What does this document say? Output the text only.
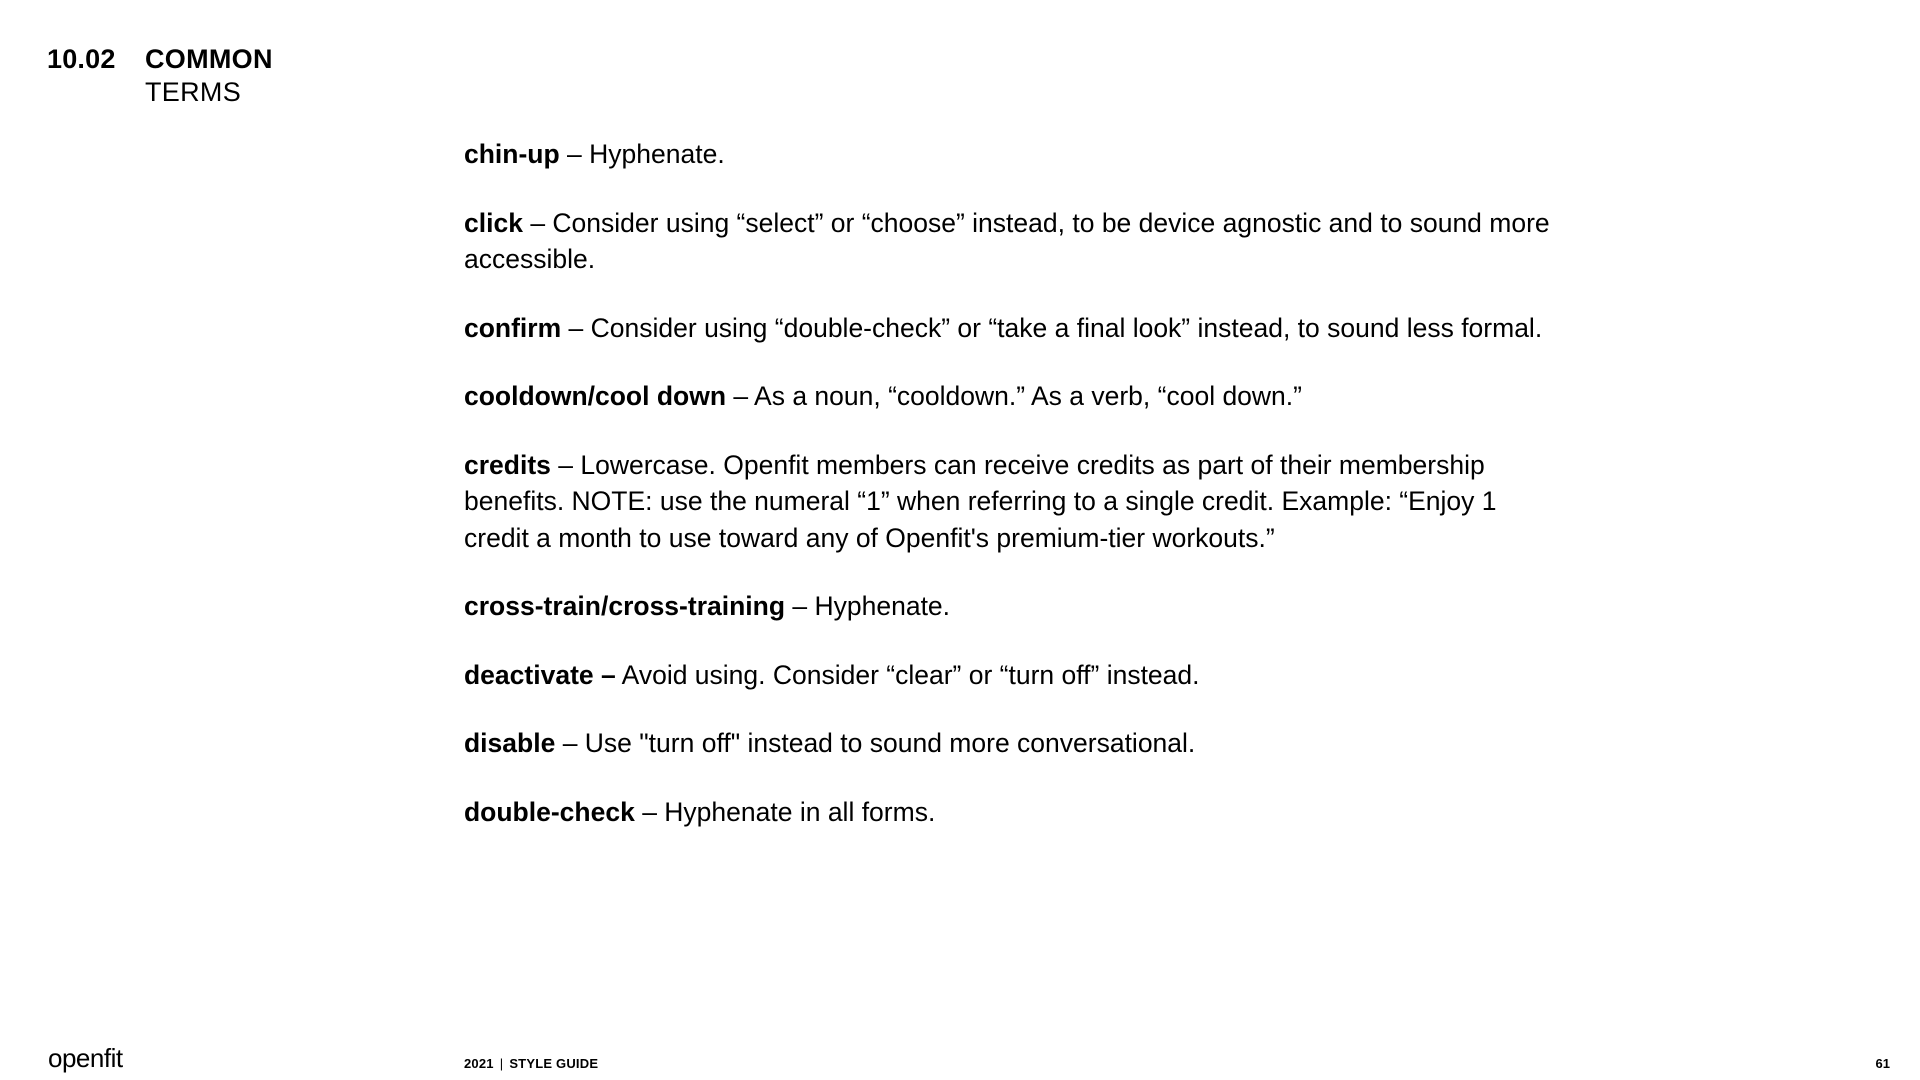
10.02 COMMON
TERMS

chin-up – Hyphenate.

click – Consider using “select” or “choose” instead, to be device agnostic and to sound more accessible.

confirm – Consider using “double-check” or “take a final look” instead, to sound less formal.

cooldown/cool down – As a noun, “cooldown.” As a verb, “cool down.”

credits – Lowercase. Openfit members can receive credits as part of their membership benefits. NOTE: use the numeral “1” when referring to a single credit. Example: “Enjoy 1 credit a month to use toward any of Openfit's premium-tier workouts.”

cross-train/cross-training – Hyphenate.

deactivate – Avoid using. Consider “clear” or “turn off” instead.

disable – Use "turn off" instead to sound more conversational.

double-check – Hyphenate in all forms.

openfit	2021 | STYLE GUIDE	61
